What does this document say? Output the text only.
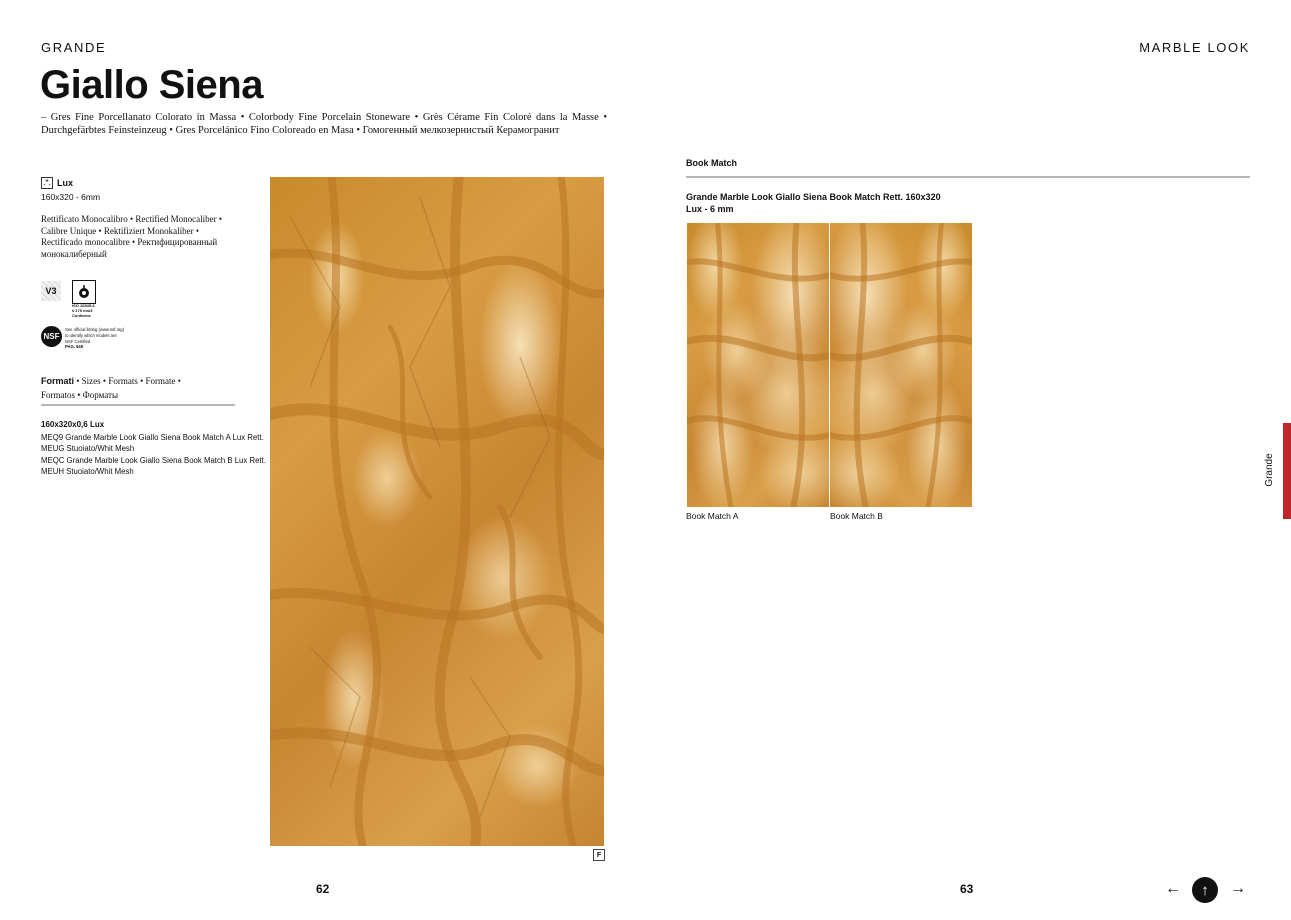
GRANDE	MARBLE LOOK
Giallo Siena
– Gres Fine Porcellanato Colorato in Massa • Colorbody Fine Porcelain Stoneware • Grès Cérame Fin Coloré dans la Masse • Durchgefärbtes Feinsteinzeug • Gres Porcelánico Fino Coloreado en Masa • Гомогенный мелкозернистый Керамогранит
Lux
160x320 - 6mm
Rettificato Monocalibro • Rectified Monocaliber • Calibre Unique • Rektifiziert Monokaliber • Rectificado monocalibre • Ректифицированный монокалиберный
V3
ISO 10545-6
≤ 175 mm3
Conforme
NSF
See official listing (www.nsf.org)
to identify which models are
NSF Certified
PAG. 649
Formati • Sizes • Formats • Formate • Formatos • Форматы
160x320x0,6 Lux
MEQ9 Grande Marble Look Giallo Siena Book Match A Lux Rett.
MEUG Stuoiato/Whit Mesh
MEQC Grande Marble Look Giallo Siena Book Match B Lux Rett.
MEUH Stuoiato/Whit Mesh
F
Book Match
Grande Marble Look Giallo Siena Book Match Rett. 160x320
Lux - 6 mm
Book Match A	Book Match B
Grande
62	63	←	↑	→
